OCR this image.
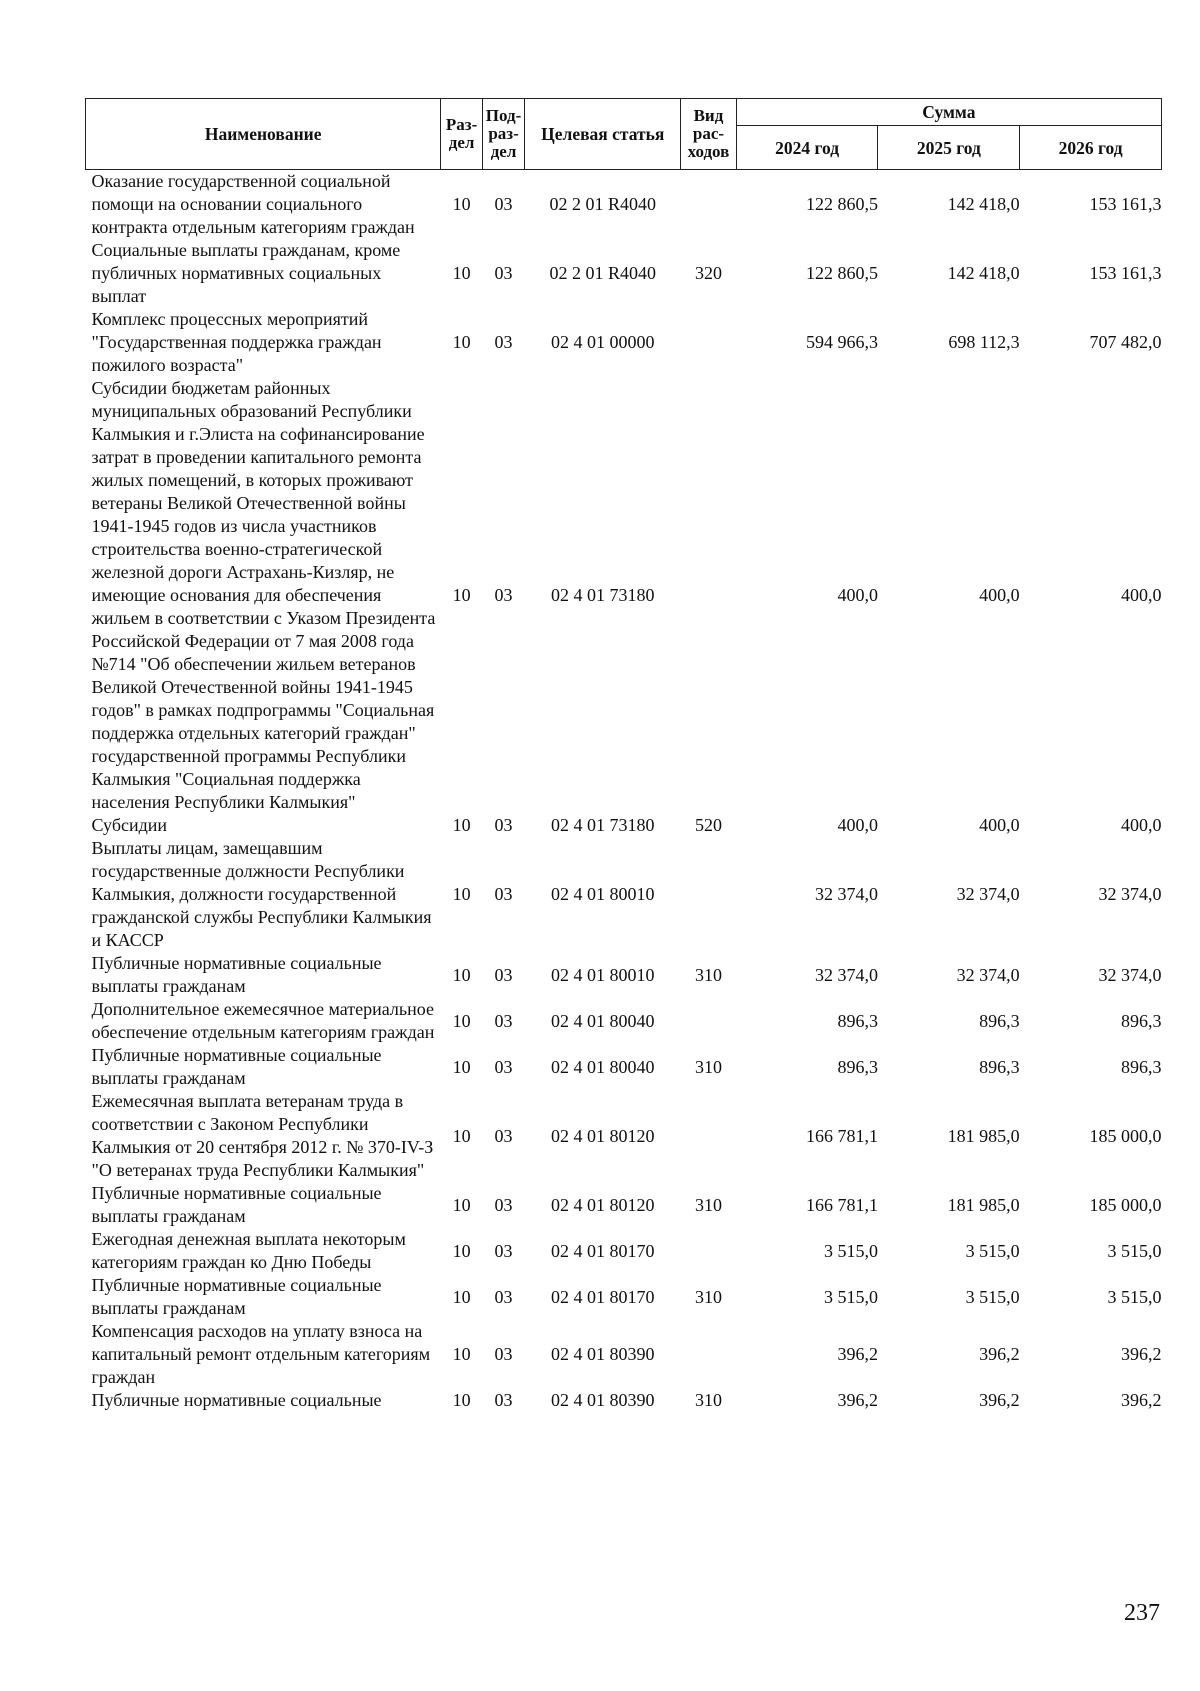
Наименование	Раз-дел	Под-раз-дел	Целевая статья	Вид рас-ходов	Сумма		
					2024 год	2025 год	2026 год
Оказание государственной социальной помощи на основании социального контракта отдельным категориям граждан	10	03	02 2 01 R4040		122 860,5	142 418,0	153 161,3
Социальные выплаты гражданам, кроме публичных нормативных социальных выплат	10	03	02 2 01 R4040	320	122 860,5	142 418,0	153 161,3
Комплекс процессных мероприятий "Государственная поддержка граждан пожилого возраста"	10	03	02 4 01 00000		594 966,3	698 112,3	707 482,0
Субсидии бюджетам районных муниципальных образований Республики Калмыкия и г.Элиста на софинансирование затрат в проведении капитального ремонта жилых помещений, в которых проживают ветераны Великой Отечественной войны 1941-1945 годов из числа участников строительства военно-стратегической железной дороги Астрахань-Кизляр, не имеющие основания для обеспечения жильем в соответствии с Указом Президента Российской Федерации от 7 мая 2008 года №714 "Об обеспечении жильем ветеранов Великой Отечественной войны 1941-1945 годов" в рамках подпрограммы "Социальная поддержка отдельных категорий граждан" государственной программы Республики Калмыкия "Социальная поддержка населения Республики Калмыкия"	10	03	02 4 01 73180		400,0	400,0	400,0
Субсидии	10	03	02 4 01 73180	520	400,0	400,0	400,0
Выплаты лицам, замещавшим государственные должности Республики Калмыкия, должности государственной гражданской службы Республики Калмыкия и КАССР	10	03	02 4 01 80010		32 374,0	32 374,0	32 374,0
Публичные нормативные социальные выплаты гражданам	10	03	02 4 01 80010	310	32 374,0	32 374,0	32 374,0
Дополнительное ежемесячное материальное обеспечение отдельным категориям граждан	10	03	02 4 01 80040		896,3	896,3	896,3
Публичные нормативные социальные выплаты гражданам	10	03	02 4 01 80040	310	896,3	896,3	896,3
Ежемесячная выплата ветеранам труда в соответствии с Законом Республики Калмыкия от 20 сентября 2012 г. № 370-IV-З "О ветеранах труда Республики Калмыкия"	10	03	02 4 01 80120		166 781,1	181 985,0	185 000,0
Публичные нормативные социальные выплаты гражданам	10	03	02 4 01 80120	310	166 781,1	181 985,0	185 000,0
Ежегодная денежная выплата некоторым категориям граждан ко Дню Победы	10	03	02 4 01 80170		3 515,0	3 515,0	3 515,0
Публичные нормативные социальные выплаты гражданам	10	03	02 4 01 80170	310	3 515,0	3 515,0	3 515,0
Компенсация расходов на уплату взноса на капитальный ремонт отдельным категориям граждан	10	03	02 4 01 80390		396,2	396,2	396,2
Публичные нормативные социальные	10	03	02 4 01 80390	310	396,2	396,2	396,2
237
